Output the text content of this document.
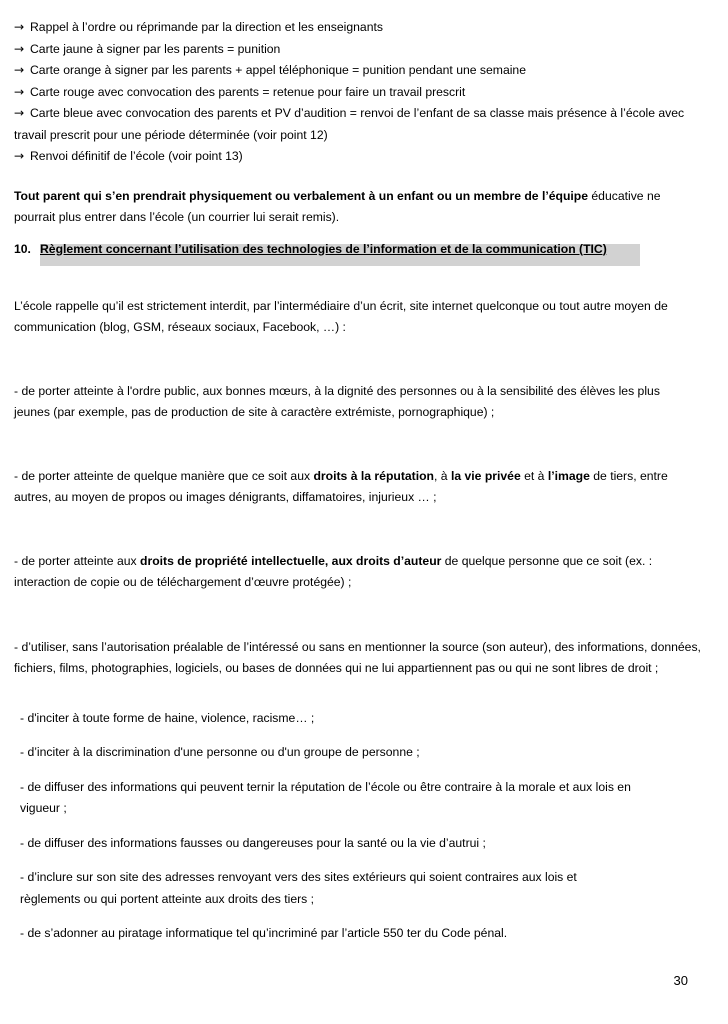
→ Rappel à l’ordre ou réprimande par la direction et les enseignants
→ Carte jaune à signer par les parents = punition
→ Carte orange à signer par les parents + appel téléphonique = punition pendant une semaine
→ Carte rouge avec convocation des parents = retenue pour faire un travail prescrit
→ Carte bleue avec convocation des parents et PV d’audition = renvoi de l’enfant de sa classe mais présence à l’école avec travail prescrit pour une période déterminée (voir point 12)
→ Renvoi définitif de l’école (voir point 13)

Tout parent qui s’en prendrait physiquement ou verbalement à un enfant ou un membre de l’équipe éducative ne pourrait plus entrer dans l’école (un courrier lui serait remis).

10. Règlement concernant l’utilisation des technologies de l’information et de la communication (TIC)

L’école rappelle qu’il est strictement interdit, par l’intermédiaire d’un écrit, site internet quelconque ou tout autre moyen de communication (blog, GSM, réseaux sociaux, Facebook, …) :

- de porter atteinte à l'ordre public, aux bonnes mœurs, à la dignité des personnes ou à la sensibilité des élèves les plus jeunes (par exemple, pas de production de site à caractère extrémiste, pornographique) ;

- de porter atteinte de quelque manière que ce soit aux droits à la réputation, à la vie privée et à l’image de tiers, entre autres, au moyen de propos ou images dénigrants, diffamatoires, injurieux … ;

- de porter atteinte aux droits de propriété intellectuelle, aux droits d’auteur de quelque personne que ce soit (ex. : interaction de copie ou de téléchargement d’œuvre protégée) ;

- d’utiliser, sans l’autorisation préalable de l’intéressé ou sans en mentionner la source (son auteur), des informations, données, fichiers, films, photographies, logiciels, ou bases de données qui ne lui appartiennent pas ou qui ne sont libres de droit ;

- d'inciter à toute forme de haine, violence, racisme… ;

- d’inciter à la discrimination d'une personne ou d'un groupe de personne ;

- de diffuser des informations qui peuvent ternir la réputation de l’école ou être contraire à la morale et aux lois en vigueur ;

- de diffuser des informations fausses ou dangereuses pour la santé ou la vie d’autrui ;

- d’inclure sur son site des adresses renvoyant vers des sites extérieurs qui soient contraires aux lois et règlements ou qui portent atteinte aux droits des tiers ;

- de s’adonner au piratage informatique tel qu’incriminé par l’article 550 ter du Code pénal.

30
